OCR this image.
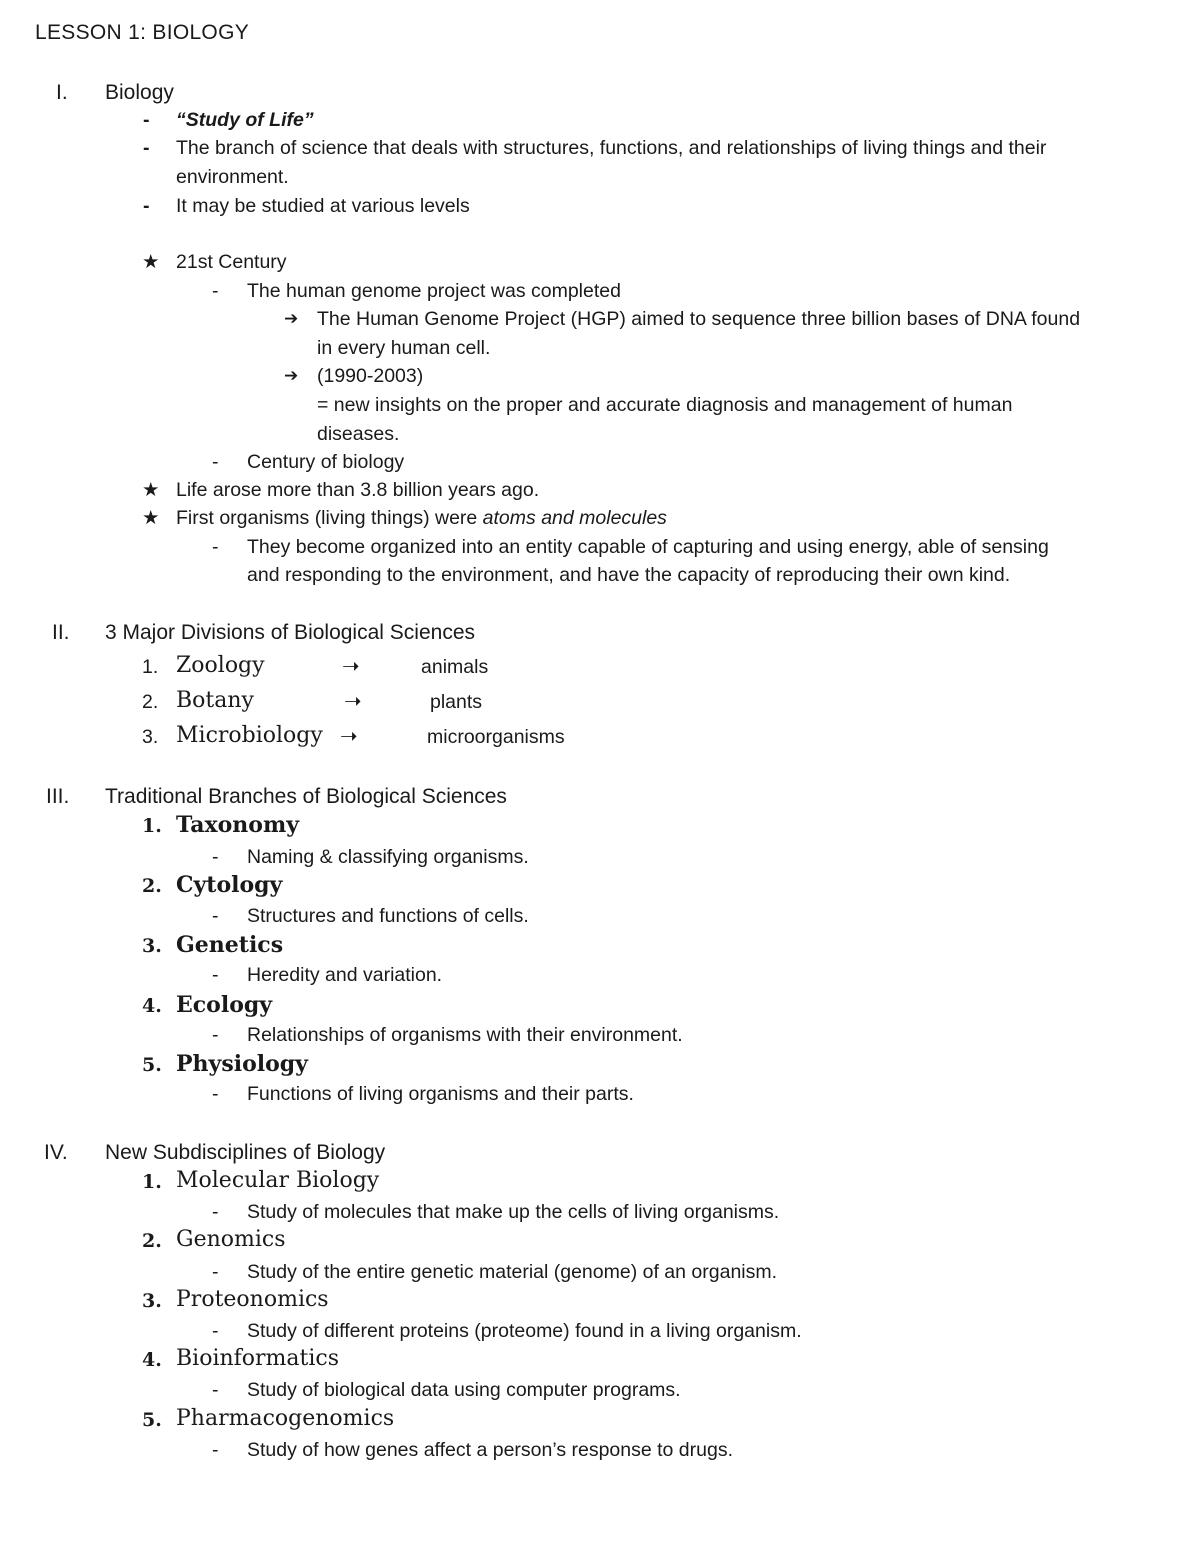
LESSON 1: BIOLOGY
I. Biology
- “Study of Life”
- The branch of science that deals with structures, functions, and relationships of living things and their
environment.
- It may be studied at various levels
★ 21st Century
- The human genome project was completed
➔ The Human Genome Project (HGP) aimed to sequence three billion bases of DNA found
in every human cell.
➔ (1990-2003)
= new insights on the proper and accurate diagnosis and management of human
diseases.
- Century of biology
★ Life arose more than 3.8 billion years ago.
★ First organisms (living things) were atoms and molecules
- They become organized into an entity capable of capturing and using energy, able of sensing
and responding to the environment, and have the capacity of reproducing their own kind.
II. 3 Major Divisions of Biological Sciences
1. Zoology	➝	animals
2. Botany	➝	plants
3. Microbiology ➝	microorganisms
III. Traditional Branches of Biological Sciences
1. Taxonomy
- Naming & classifying organisms.
2. Cytology
- Structures and functions of cells.
3. Genetics
- Heredity and variation.
4. Ecology
- Relationships of organisms with their environment.
5. Physiology
- Functions of living organisms and their parts.
IV. New Subdisciplines of Biology
1. Molecular Biology
- Study of molecules that make up the cells of living organisms.
2. Genomics
- Study of the entire genetic material (genome) of an organism.
3. Proteonomics
- Study of different proteins (proteome) found in a living organism.
4. Bioinformatics
- Study of biological data using computer programs.
5. Pharmacogenomics
- Study of how genes affect a person’s response to drugs.
